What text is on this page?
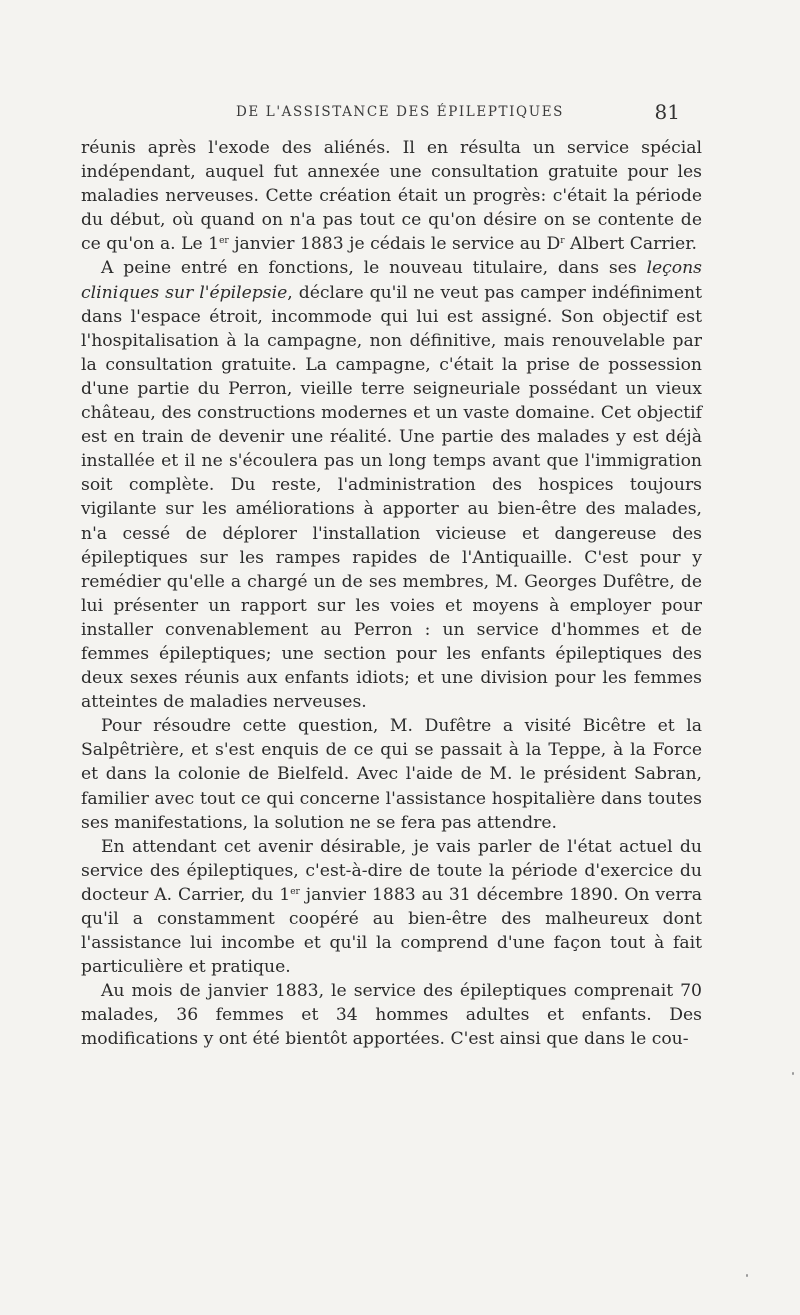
DE L'ASSISTANCE DES ÉPILEPTIQUES	81

réunis après l'exode des aliénés. Il en résulta un service spécial indépendant, auquel fut annexée une consultation gratuite pour les maladies nerveuses. Cette création était un progrès: c'était la période du début, où quand on n'a pas tout ce qu'on désire on se contente de ce qu'on a. Le 1er janvier 1883 je cédais le service au $D^r$ Albert Carrier.

A peine entré en fonctions, le nouveau titulaire, dans ses leçons cliniques sur l'épilepsie, déclare qu'il ne veut pas camper indéfiniment dans l'espace étroit, incommode qui lui est assigné. Son objectif est l'hospitalisation à la campagne, non définitive, mais renouvelable par la consultation gratuite. La campagne, c'était la prise de possession d'une partie du Perron, vieille terre seigneuriale possédant un vieux château, des constructions modernes et un vaste domaine. Cet objectif est en train de devenir une réalité. Une partie des malades y est déjà installée et il ne s'écoulera pas un long temps avant que l'immigration soit complète. Du reste, l'administration des hospices toujours vigilante sur les améliorations à apporter au bien-être des malades, n'a cessé de déplorer l'installation vicieuse et dangereuse des épileptiques sur les rampes rapides de l'Antiquaille. C'est pour y remédier qu'elle a chargé un de ses membres, M. Georges Dufêtre, de lui présenter un rapport sur les voies et moyens à employer pour installer convenablement au Perron : un service d'hommes et de femmes épileptiques; une section pour les enfants épileptiques des deux sexes réunis aux enfants idiots; et une division pour les femmes atteintes de maladies nerveuses.

Pour résoudre cette question, M. Dufêtre a visité Bicêtre et la Salpêtrière, et s'est enquis de ce qui se passait à la Teppe, à la Force et dans la colonie de Bielfeld. Avec l'aide de M. le président Sabran, familier avec tout ce qui concerne l'assistance hospitalière dans toutes ses manifestations, la solution ne se fera pas attendre.

En attendant cet avenir désirable, je vais parler de l'état actuel du service des épileptiques, c'est-à-dire de toute la période d'exercice du docteur A. Carrier, du 1er janvier 1883 au 31 décembre 1890. On verra qu'il a constamment coopéré au bien-être des malheureux dont l'assistance lui incombe et qu'il la comprend d'une façon tout à fait particulière et pratique.

Au mois de janvier 1883, le service des épileptiques comprenait 70 malades, 36 femmes et 34 hommes adultes et enfants. Des modifications y ont été bientôt apportées. C'est ainsi que dans le cou-
